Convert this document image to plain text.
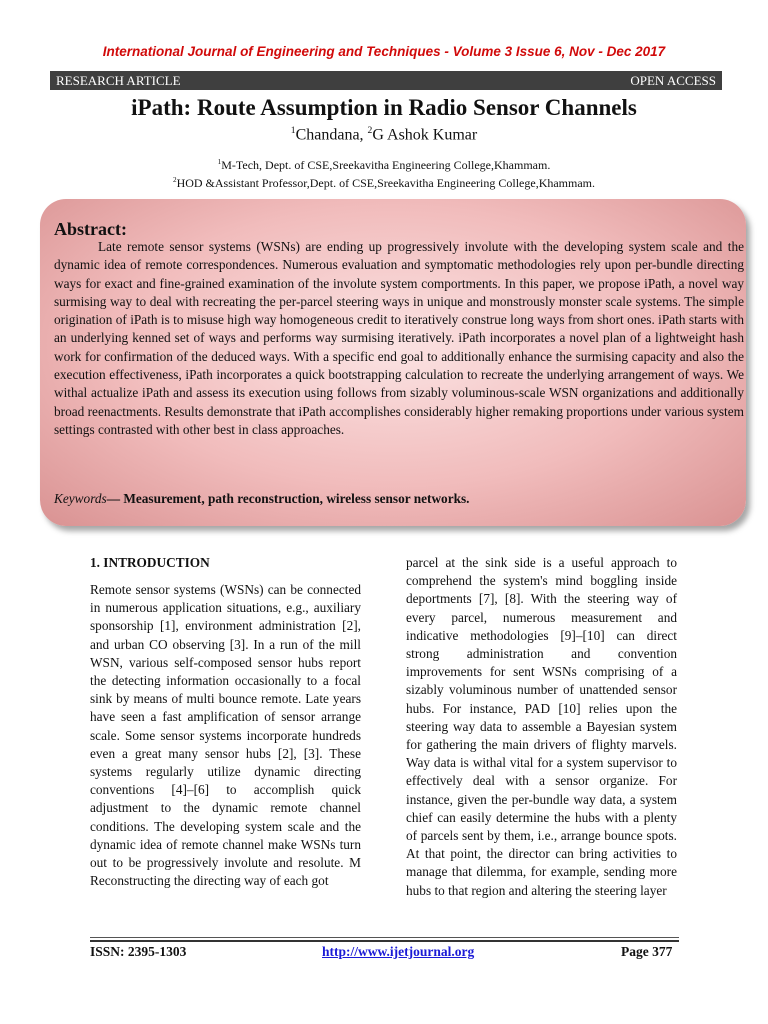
International Journal of Engineering and Techniques - Volume 3 Issue 6, Nov - Dec 2017
RESEARCH ARTICLE	OPEN ACCESS
iPath: Route Assumption in Radio Sensor Channels
$^1$Chandana, $^2$G Ashok Kumar
$^1$M-Tech, Dept. of CSE,Sreekavitha Engineering College,Khammam.
$^2$HOD &Assistant Professor,Dept. of CSE,Sreekavitha Engineering College,Khammam.
Abstract:

Late remote sensor systems (WSNs) are ending up progressively involute with the developing system scale and the dynamic idea of remote correspondences. Numerous evaluation and symptomatic methodologies rely upon per-bundle directing ways for exact and fine-grained examination of the involute system comportments. In this paper, we propose iPath, a novel way surmising way to deal with recreating the per-parcel steering ways in unique and monstrously monster scale systems. The simple origination of iPath is to misuse high way homogeneous credit to iteratively construe long ways from short ones. iPath starts with an underlying kenned set of ways and performs way surmising iteratively. iPath incorporates a novel plan of a lightweight hash work for confirmation of the deduced ways. With a specific end goal to additionally enhance the surmising capacity and also the execution effectiveness, iPath incorporates a quick bootstrapping calculation to recreate the underlying arrangement of ways. We withal actualize iPath and assess its execution using follows from sizably voluminous-scale WSN organizations and additionally broad reenactments. Results demonstrate that iPath accomplishes considerably higher remaking proportions under various system settings contrasted with other best in class approaches.

Keywords— Measurement, path reconstruction, wireless sensor networks.
1. INTRODUCTION

Remote sensor systems (WSNs) can be connected in numerous application situations, e.g., auxiliary sponsorship [1], environment administration [2], and urban CO observing [3]. In a run of the mill WSN, various self-composed sensor hubs report the detecting information occasionally to a focal sink by means of multi bounce remote. Late years have seen a fast amplification of sensor arrange scale. Some sensor systems incorporate hundreds even a great many sensor hubs [2], [3]. These systems regularly utilize dynamic directing conventions [4]–[6] to accomplish quick adjustment to the dynamic remote channel conditions. The developing system scale and the dynamic idea of remote channel make WSNs turn out to be progressively involute and resolute. M Reconstructing the directing way of each got

parcel at the sink side is a useful approach to comprehend the system's mind boggling inside deportments [7], [8]. With the steering way of every parcel, numerous measurement and indicative methodologies [9]–[10] can direct strong administration and convention improvements for sent WSNs comprising of a sizably voluminous number of unattended sensor hubs. For instance, PAD [10] relies upon the steering way data to assemble a Bayesian system for gathering the main drivers of flighty marvels. Way data is withal vital for a system supervisor to effectively deal with a sensor organize. For instance, given the per-bundle way data, a system chief can easily determine the hubs with a plenty of parcels sent by them, i.e., arrange bounce spots. At that point, the director can bring activities to manage that dilemma, for example, sending more hubs to that region and altering the steering layer

ISSN: 2395-1303	http://www.ijetjournal.org	Page 377
